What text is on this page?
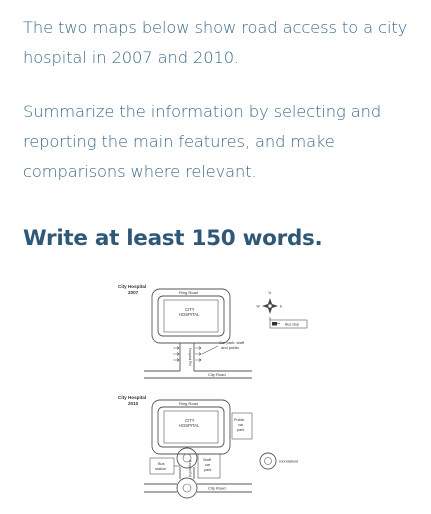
The two maps below show road access to a city hospital in 2007 and 2010.
Summarize the information by selecting and reporting the main features, and make comparisons where relevant.
Write at least 150 words.
City Hospital
2007	Ring Road
CITY
HOSPITAL
Hospital Rd
Car park: staff
and public
City Road
N
S
E
W
Bus stop
City Hospital
2010	Ring Road
CITY
HOSPITAL
Public
car
park
Hospital Rd
Bus
station
Staff
car
park
City Road
roundabout
